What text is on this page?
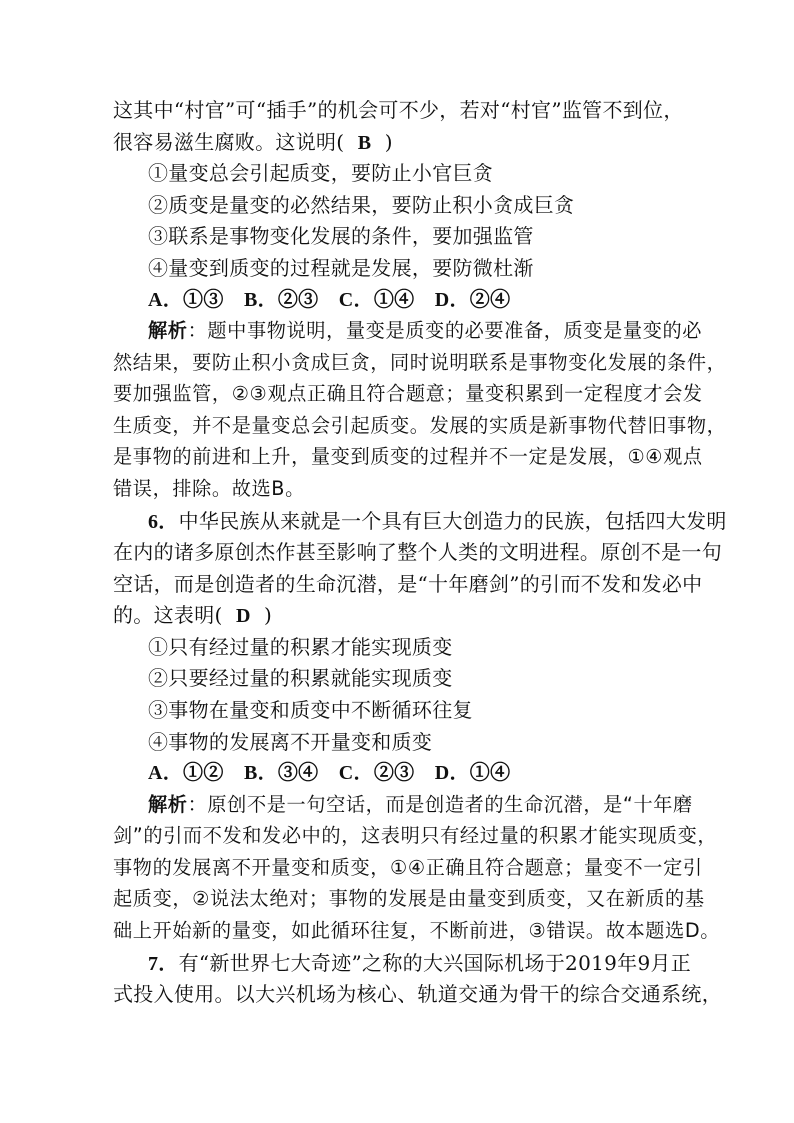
这其中“村官”可“插手”的机会可不少，若对“村官”监管不到位，
很容易滋生腐败。这说明( B )
①量变总会引起质变，要防止小官巨贪
②质变是量变的必然结果，要防止积小贪成巨贪
③联系是事物变化发展的条件，要加强监管
④量变到质变的过程就是发展，要防微杜渐
A．①③　B．②③　C．①④　D．②④
解析：题中事物说明，量变是质变的必要准备，质变是量变的必
然结果，要防止积小贪成巨贪，同时说明联系是事物变化发展的条件，
要加强监管，②③观点正确且符合题意；量变积累到一定程度才会发
生质变，并不是量变总会引起质变。发展的实质是新事物代替旧事物，
是事物的前进和上升，量变到质变的过程并不一定是发展，①④观点
错误，排除。故选B。
6．中华民族从来就是一个具有巨大创造力的民族，包括四大发明
在内的诸多原创杰作甚至影响了整个人类的文明进程。原创不是一句
空话，而是创造者的生命沉潜，是“十年磨剑”的引而不发和发必中
的。这表明( D )
①只有经过量的积累才能实现质变
②只要经过量的积累就能实现质变
③事物在量变和质变中不断循环往复
④事物的发展离不开量变和质变
A．①②　B．③④　C．②③　D．①④
解析：原创不是一句空话，而是创造者的生命沉潜，是“十年磨
剑”的引而不发和发必中的，这表明只有经过量的积累才能实现质变，
事物的发展离不开量变和质变，①④正确且符合题意；量变不一定引
起质变，②说法太绝对；事物的发展是由量变到质变，又在新质的基
础上开始新的量变，如此循环往复，不断前进，③错误。故本题选D。
7．有“新世界七大奇迹”之称的大兴国际机场于2019年9月正
式投入使用。以大兴机场为核心、轨道交通为骨干的综合交通系统，
